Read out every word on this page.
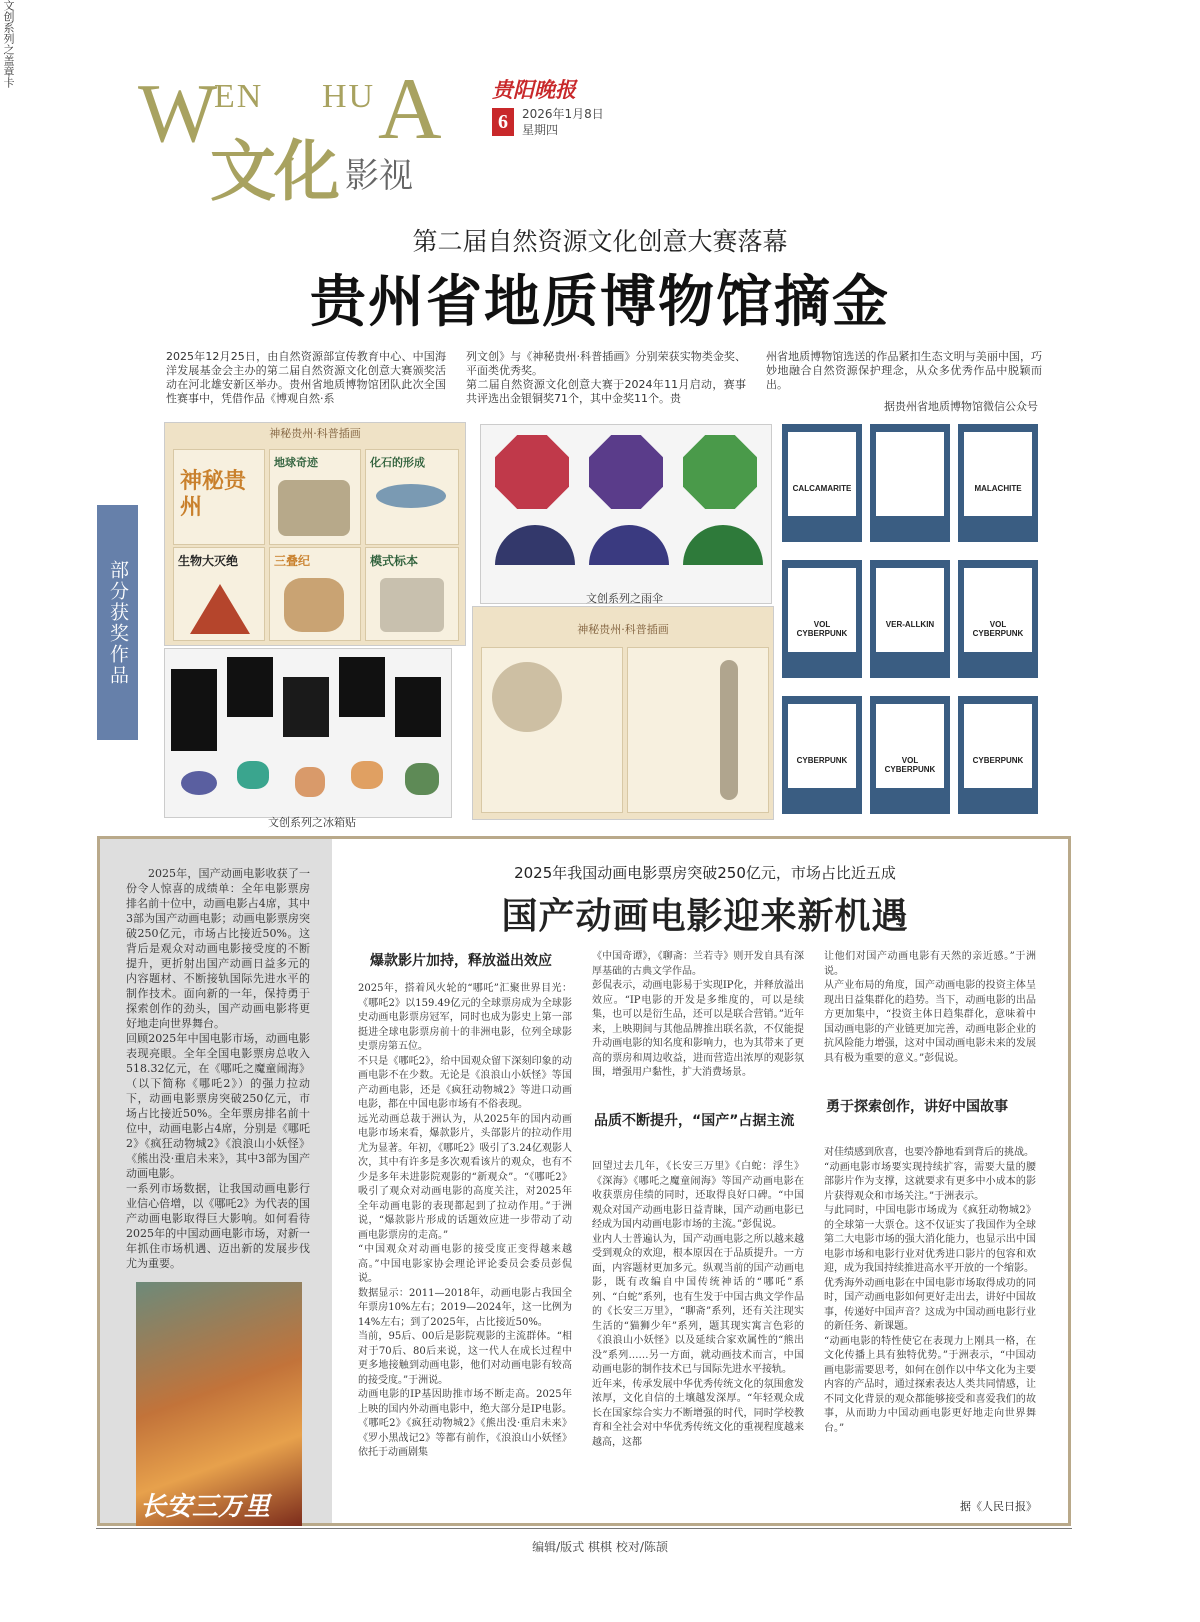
W
EN HU A
文化 影视
贵阳晚报
6	2026年1月8日
星期四
第二届自然资源文化创意大赛落幕
贵州省地质博物馆摘金
2025年12月25日，由自然资源部宣传教育中心、中国海洋发展基金会主办的第二届自然资源文化创意大赛颁奖活动在河北雄安新区举办。贵州省地质博物馆团队此次全国性赛事中，凭借作品《博观自然·系
列文创》与《神秘贵州·科普插画》分别荣获实物类金奖、平面类优秀奖。
第二届自然资源文化创意大赛于2024年11月启动，赛事共评选出金银铜奖71个，其中金奖11个。贵
州省地质博物馆选送的作品紧扣生态文明与美丽中国，巧妙地融合自然资源保护理念，从众多优秀作品中脱颖而出。
据贵州省地质博物馆微信公众号
部分获奖作品
神秘贵州·科普插画
神秘贵州
地球奇迹	化石的形成
生物大灭绝	三叠纪	模式标本
文创系列之雨伞
CALCAMARITE	MALACHITE
VOL CYBERPUNK
VER-ALLKIN	VOL CYBERPUNK
CYBERPUNK	VOL CYBERPUNK
CYBERPUNK
文创系列之盖章卡
文创系列之冰箱贴
神秘贵州·科普插画
2025年，国产动画电影收获了一份令人惊喜的成绩单：全年电影票房排名前十位中，动画电影占4席，其中3部为国产动画电影；动画电影票房突破250亿元，市场占比接近50%。这背后是观众对动画电影接受度的不断提升，更折射出国产动画日益多元的内容题材、不断接轨国际先进水平的制作技术。面向新的一年，保持勇于探索创作的劲头，国产动画电影将更好地走向世界舞台。
回顾2025年中国电影市场，动画电影表现亮眼。全年全国电影票房总收入518.32亿元，在《哪吒之魔童闹海》（以下简称《哪吒2》）的强力拉动下，动画电影票房突破250亿元，市场占比接近50%。全年票房排名前十位中，动画电影占4席，分别是《哪吒2》《疯狂动物城2》《浪浪山小妖怪》《熊出没·重启未来》，其中3部为国产动画电影。
一系列市场数据，让我国动画电影行业信心倍增，以《哪吒2》为代表的国产动画电影取得巨大影响。如何看待2025年的中国动画电影市场，对新一年抓住市场机遇、迈出新的发展步伐尤为重要。
长安三万里
2025年我国动画电影票房突破250亿元，市场占比近五成
国产动画电影迎来新机遇
爆款影片加持，释放溢出效应
2025年，搭着风火轮的“哪吒”汇聚世界目光：《哪吒2》以159.49亿元的全球票房成为全球影史动画电影票房冠军，同时也成为影史上第一部挺进全球电影票房前十的非洲电影，位列全球影史票房第五位。
不只是《哪吒2》，给中国观众留下深刻印象的动画电影不在少数。无论是《浪浪山小妖怪》等国产动画电影，还是《疯狂动物城2》等进口动画电影，都在中国电影市场有不俗表现。
远光动画总裁于洲认为，从2025年的国内动画电影市场来看，爆款影片，头部影片的拉动作用尤为显著。年初，《哪吒2》吸引了3.24亿观影人次，其中有许多是多次观看该片的观众，也有不少是多年未进影院观影的“新观众”。“《哪吒2》吸引了观众对动画电影的高度关注，对2025年全年动画电影的表现都起到了拉动作用。”于洲说，“爆款影片形成的话题效应进一步带动了动画电影票房的走高。”
“中国观众对动画电影的接受度正变得越来越高。”中国电影家协会理论评论委员会委员彭侃说。
数据显示：2011—2018年，动画电影占我国全年票房10%左右；2019—2024年，这一比例为14%左右；到了2025年，占比接近50%。
当前，95后、00后是影院观影的主流群体。“相对于70后、80后来说，这一代人在成长过程中更多地接触到动画电影，他们对动画电影有较高的接受度。”于洲说。
动画电影的IP基因助推市场不断走高。2025年上映的国内外动画电影中，绝大部分是IP电影。《哪吒2》《疯狂动物城2》《熊出没·重启未来》《罗小黑战记2》等都有前作，《浪浪山小妖怪》依托于动画剧集
《中国奇谭》，《聊斋：兰若寺》则开发自具有深厚基础的古典文学作品。
彭侃表示，动画电影易于实现IP化，并释放溢出效应。“IP电影的开发是多维度的，可以是续集，也可以是衍生品，还可以是联合营销。”近年来，上映期间与其他品牌推出联名款，不仅能提升动画电影的知名度和影响力，也为其带来了更高的票房和周边收益，进而营造出浓厚的观影氛围，增强用户黏性，扩大消费场景。
品质不断提升，“国产”占据主流
回望过去几年，《长安三万里》《白蛇：浮生》《深海》《哪吒之魔童闹海》等国产动画电影在收获票房佳绩的同时，还取得良好口碑。“中国观众对国产动画电影日益青睐，国产动画电影已经成为国内动画电影市场的主流。”彭侃说。
业内人士普遍认为，国产动画电影之所以越来越受到观众的欢迎，根本原因在于品质提升。一方面，内容题材更加多元。纵观当前的国产动画电影，既有改编自中国传统神话的“哪吒”系列、“白蛇”系列，也有生发于中国古典文学作品的《长安三万里》，“聊斋”系列，还有关注现实生活的“猫狮少年”系列，题其现实寓言色彩的《浪浪山小妖怪》以及延续合家欢属性的“熊出没”系列……另一方面，就动画技术而言，中国动画电影的制作技术已与国际先进水平接轨。
近年来，传承发展中华优秀传统文化的氛围愈发浓厚，文化自信的土壤越发深厚。“年轻观众成长在国家综合实力不断增强的时代，同时学校教育和全社会对中华优秀传统文化的重视程度越来越高，这都
让他们对国产动画电影有天然的亲近感。”于洲说。
从产业布局的角度，国产动画电影的投资主体呈现出日益集群化的趋势。当下，动画电影的出品方更加集中，“投资主体日趋集群化，意味着中国动画电影的产业链更加完善，动画电影企业的抗风险能力增强，这对中国动画电影未来的发展具有极为重要的意义。”彭侃说。
勇于探索创作，讲好中国故事
对佳绩感到欣喜，也要冷静地看到背后的挑战。
“动画电影市场要实现持续扩容，需要大量的腰部影片作为支撑，这就要求有更多中小成本的影片获得观众和市场关注。”于洲表示。
与此同时，中国电影市场成为《疯狂动物城2》的全球第一大票仓。这不仅证实了我国作为全球第二大电影市场的强大消化能力，也显示出中国电影市场和电影行业对优秀进口影片的包容和欢迎，成为我国持续推进高水平开放的一个缩影。
优秀海外动画电影在中国电影市场取得成功的同时，国产动画电影如何更好走出去，讲好中国故事，传递好中国声音？这成为中国动画电影行业的新任务、新课题。
“动画电影的特性使它在表现力上刚具一格，在文化传播上具有独特优势。”于洲表示，“中国动画电影需要思考，如何在创作以中华文化为主要内容的产品时，通过探索表达人类共同情感，让不同文化背景的观众都能够接受和喜爱我们的故事，从而助力中国动画电影更好地走向世界舞台。”
据《人民日报》
编辑/版式 棋棋 校对/陈颉
